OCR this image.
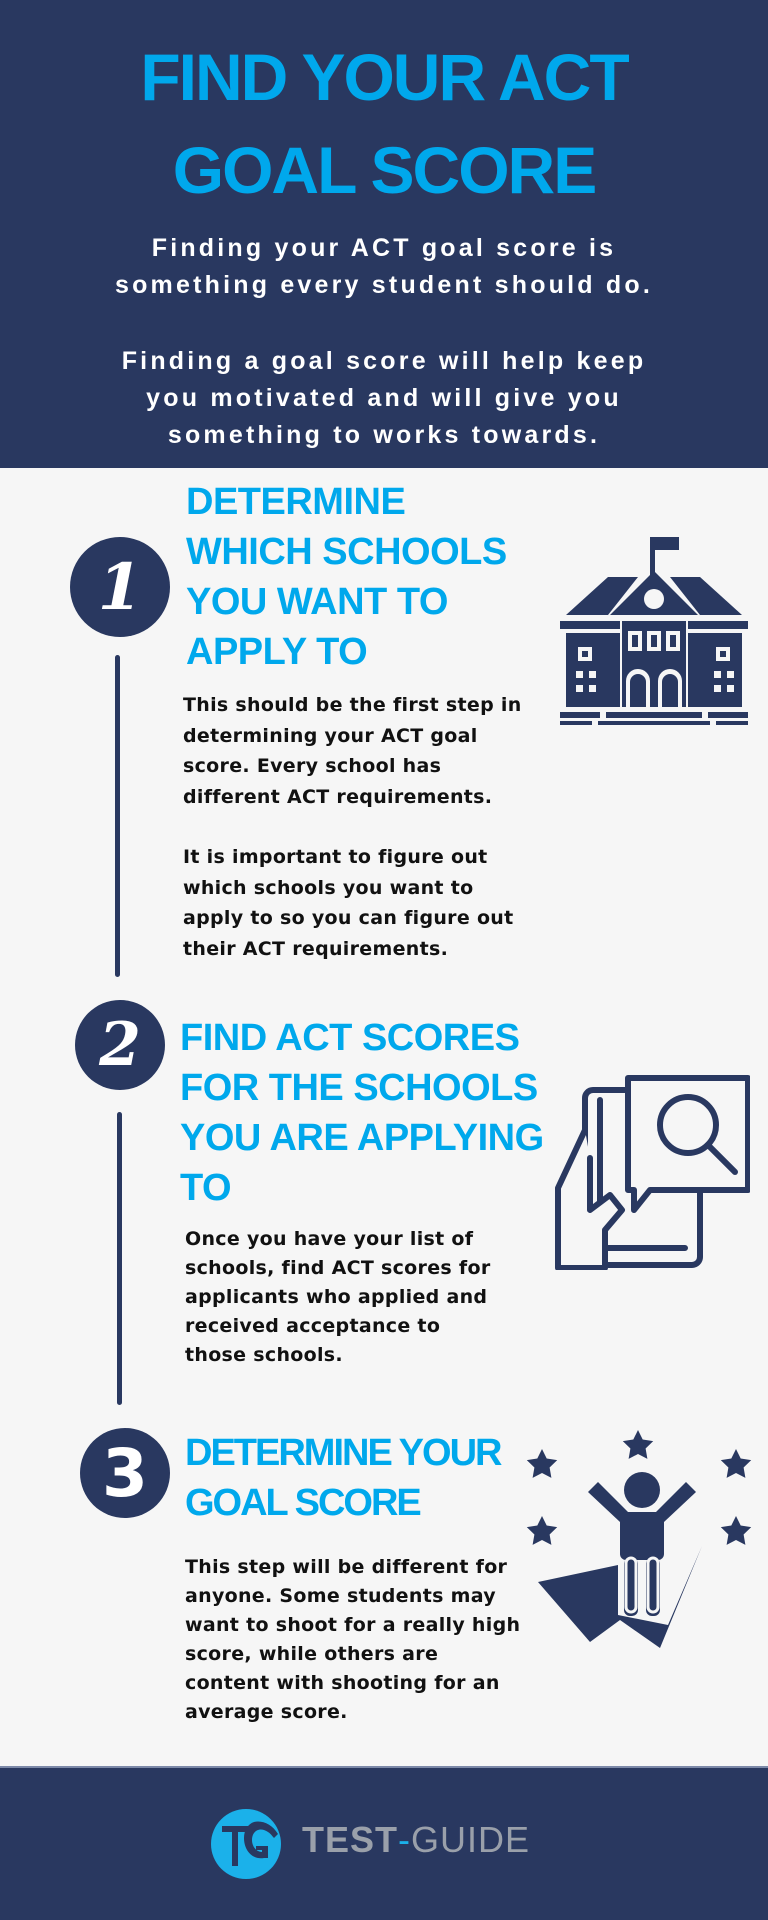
FIND YOUR ACT
GOAL SCORE
Finding your ACT goal score is
something every student should do.
Finding a goal score will help keep
you motivated and will give you
something to works towards.
1
DETERMINE
WHICH SCHOOLS
YOU WANT TO
APPLY TO

This should be the first step in
determining your ACT goal
score. Every school has
different ACT requirements.

It is important to figure out
which schools you want to
apply to so you can figure out
their ACT requirements.

2 FIND ACT SCORES
FOR THE SCHOOLS
YOU ARE APPLYING
TO

Once you have your list of
schools, find ACT scores for
applicants who applied and
received acceptance to
those schools.

3 DETERMINE YOUR
GOAL SCORE

This step will be different for
anyone. Some students may
want to shoot for a really high
score, while others are
content with shooting for an
average score.

TEST-GUIDE
